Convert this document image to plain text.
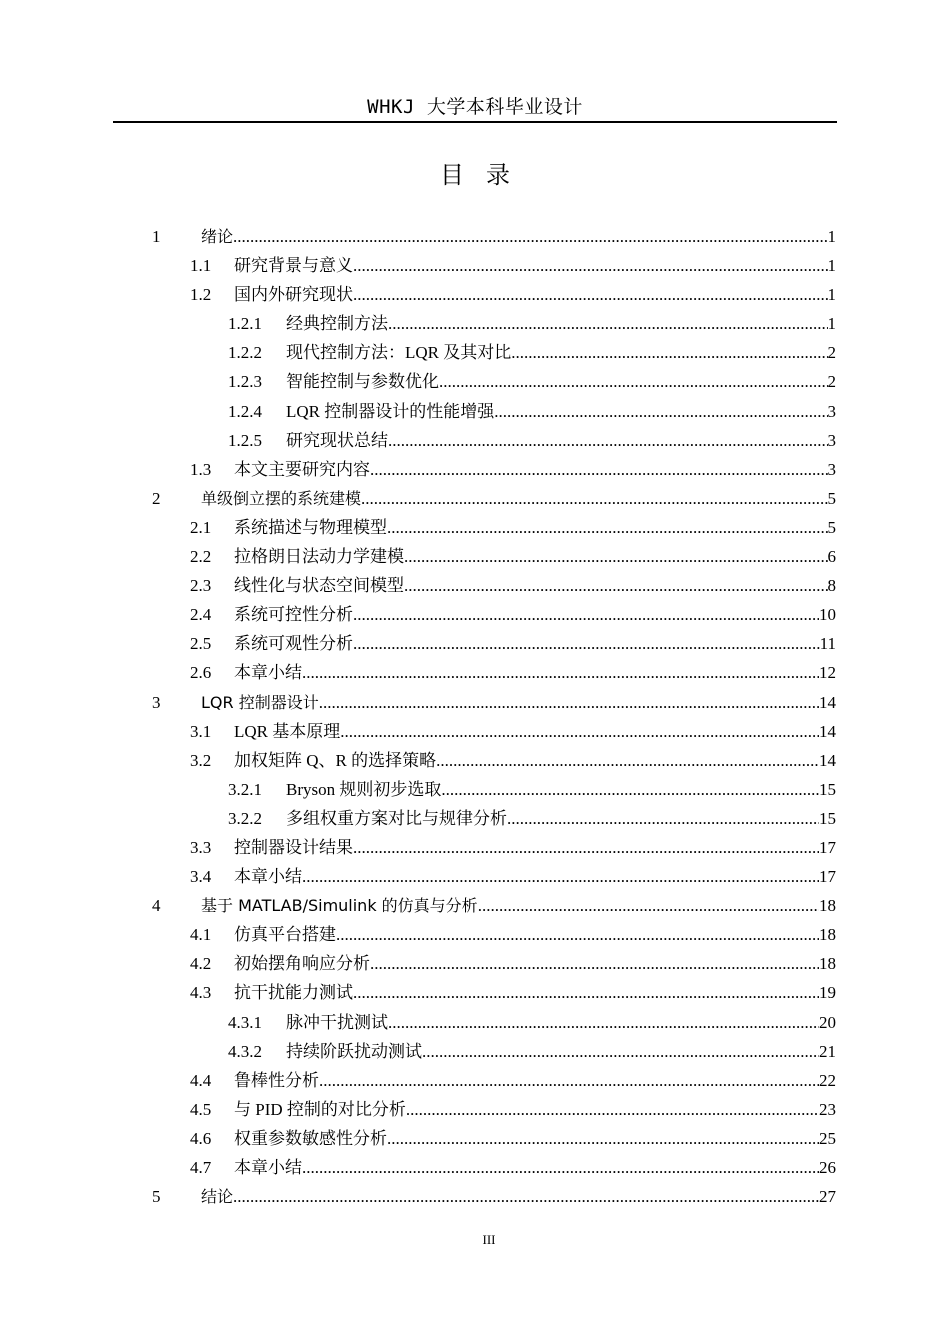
WHKJ 大学本科毕业设计
目录
1	绪论 .....	1
1.1 研究背景与意义 .....	1
1.2 国内外研究现状 .....	1
1.2.1 经典控制方法 .....	1
1.2.2 现代控制方法：LQR 及其对比 .....	2
1.2.3 智能控制与参数优化 .....	2
1.2.4 LQR 控制器设计的性能增强 .....	3
1.2.5 研究现状总结 .....	3
1.3 本文主要研究内容 .....	3
2	单级倒立摆的系统建模 .....	5
2.1 系统描述与物理模型 .....	5
2.2 拉格朗日法动力学建模 .....	6
2.3 线性化与状态空间模型 .....	8
2.4 系统可控性分析 .....	10
2.5 系统可观性分析 .....	11
2.6 本章小结 .....	12
3	LQR 控制器设计 .....	14
3.1 LQR 基本原理 .....	14
3.2 加权矩阵 Q、R 的选择策略 .....	14
3.2.1 Bryson 规则初步选取 .....	15
3.2.2 多组权重方案对比与规律分析 .....	15
3.3 控制器设计结果 .....	17
3.4 本章小结 .....	17
4	基于 MATLAB/Simulink 的仿真与分析 .....	18
4.1 仿真平台搭建 .....	18
4.2 初始摆角响应分析 .....	18
4.3 抗干扰能力测试 .....	19
4.3.1 脉冲干扰测试 .....	20
4.3.2 持续阶跃扰动测试 .....	21
4.4 鲁棒性分析 .....	22
4.5 与 PID 控制的对比分析 .....	23
4.6 权重参数敏感性分析 .....	25
4.7 本章小结 .....	26
5	结论 .....	27
III
